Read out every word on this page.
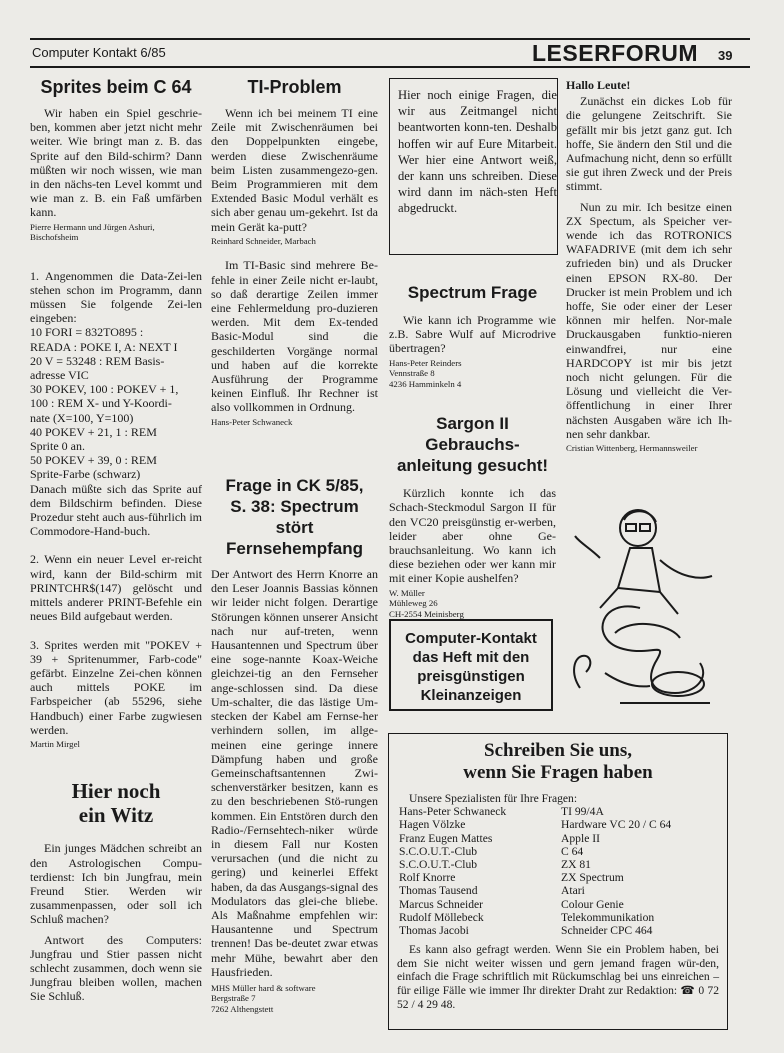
Computer Kontakt 6/85	LESERFORUM 39
Sprites beim C 64

Wir haben ein Spiel geschrie-ben, kommen aber jetzt nicht mehr weiter. Wie bringt man z. B. das Sprite auf den Bild-schirm? Dann müßten wir noch wissen, wie man in den nächs-ten Level kommt und wie man z. B. ein Faß umfärben kann.

Pierre Hermann und Jürgen Ashuri,
Bischofsheim

1. Angenommen die Data-Zei-len stehen schon im Programm, dann müssen Sie folgende Zei-len eingeben:

10 FORI = 832TO895 :
READA : POKE I, A: NEXT I
20 V = 53248 : REM Basis-
adresse VIC
30 POKEV, 100 : POKEV + 1,
100 : REM X- und Y-Koordi-
nate (X=100, Y=100)
40 POKEV + 21, 1 : REM
Sprite 0 an.
50 POKEV + 39, 0 : REM
Sprite-Farbe (schwarz)

Danach müßte sich das Sprite auf dem Bildschirm befinden. Diese Prozedur steht auch aus-führlich im Commodore-Hand-buch.

2. Wenn ein neuer Level er-reicht wird, kann der Bild-schirm mit PRINTCHR$(147) gelöscht und mittels anderer PRINT-Befehle ein neues Bild aufgebaut werden.

3. Sprites werden mit "POKEV + 39 + Spritenummer, Farb-code" gefärbt. Einzelne Zei-chen können auch mittels POKE im Farbspeicher (ab 55296, siehe Handbuch) einer Farbe zugwiesen werden.

Martin Mirgel
Hier noch
ein Witz

Ein junges Mädchen schreibt an den Astrologischen Compu-terdienst: Ich bin Jungfrau, mein Freund Stier. Werden wir zusammenpassen, oder soll ich Schluß machen?

Antwort des Computers: Jungfrau und Stier passen nicht schlecht zusammen, doch wenn sie Jungfrau bleiben wollen, machen Sie Schluß.

TI-Problem

Wenn ich bei meinem TI eine Zeile mit Zwischenräumen bei den Doppelpunkten eingebe, werden diese Zwischenräume beim Listen zusammengezo-gen. Beim Programmieren mit dem Extended Basic Modul verhält es sich aber genau um-gekehrt. Ist da mein Gerät ka-putt?

Reinhard Schneider, Marbach

Im TI-Basic sind mehrere Be-fehle in einer Zeile nicht er-laubt, so daß derartige Zeilen immer eine Fehlermeldung pro-duzieren werden. Mit dem Ex-tended Basic-Modul sind die geschilderten Vorgänge normal und haben auf die korrekte Ausführung der Programme keinen Einfluß. Ihr Rechner ist also vollkommen in Ordnung.

Hans-Peter Schwaneck
Frage in CK 5/85,
S. 38: Spectrum stört
Fernsehempfang

Der Antwort des Herrn Knorre an den Leser Joannis Bassias können wir leider nicht folgen. Derartige Störungen können unserer Ansicht nach nur auf-treten, wenn Hausantennen und Spectrum über eine soge-nannte Koax-Weiche gleichzei-tig an den Fernseher ange-schlossen sind. Da diese Um-schalter, die das lästige Um-stecken der Kabel am Fernse-her verhindern sollen, im allge-meinen eine geringe innere Dämpfung haben und große Gemeinschaftsantennen Zwi-schenverstärker besitzen, kann es zu den beschriebenen Stö-rungen kommen. Ein Entstören durch den Radio-/Fernsehtech-niker würde in diesem Fall nur Kosten verursachen (und die nicht zu gering) und keinerlei Effekt haben, da das Ausgangs-signal des Modulators das glei-che bliebe. Als Maßnahme empfehlen wir: Hausantenne und Spectrum trennen! Das be-deutet zwar etwas mehr Mühe, bewahrt aber den Hausfrieden.

MHS Müller hard & software
Bergstraße 7
7262 Althengstett

Hier noch einige Fragen, die wir aus Zeitmangel nicht beantworten konn-ten. Deshalb hoffen wir auf Eure Mitarbeit. Wer hier eine Antwort weiß, der kann uns schreiben. Diese wird dann im näch-sten Heft abgedruckt.

Spectrum Frage

Wie kann ich Programme wie z.B. Sabre Wulf auf Microdrive übertragen?

Hans-Peter Reinders
Vennstraße 8
4236 Hamminkeln 4
Sargon II Gebrauchs-
anleitung gesucht!

Kürzlich konnte ich das Schach-Steckmodul Sargon II für den VC20 preisgünstig er-werben, leider aber ohne Ge-brauchsanleitung. Wo kann ich diese beziehen oder wer kann mir mit einer Kopie aushelfen?

W. Müller
Mühleweg 26
CH-2554 Meinisberg
Computer-Kontakt
das Heft mit den
preisgünstigen
Kleinanzeigen
Hallo Leute!

Zunächst ein dickes Lob für die gelungene Zeitschrift. Sie gefällt mir bis jetzt ganz gut. Ich hoffe, Sie ändern den Stil und die Aufmachung nicht, denn so erfüllt sie gut ihren Zweck und der Preis stimmt.

Nun zu mir. Ich besitze einen ZX Spectum, als Speicher ver-wende ich das ROTRONICS WAFADRIVE (mit dem ich sehr zufrieden bin) und als Drucker einen EPSON RX-80. Der Drucker ist mein Problem und ich hoffe, Sie oder einer der Leser können mir helfen. Nor-male Druckausgaben funktio-nieren einwandfrei, nur eine HARDCOPY ist mir bis jetzt noch nicht gelungen. Für die Lösung und vielleicht die Ver-öffentlichung in einer Ihrer nächsten Ausgaben wäre ich Ih-nen sehr dankbar.

Cristian Wittenberg, Hermannsweiler
Schreiben Sie uns,
wenn Sie Fragen haben
Unsere Spezialisten für Ihre Fragen:
Hans-Peter Schwaneck	TI 99/4A
Hagen Völzke	Hardware VC 20 / C 64
Franz Eugen Mattes	Apple II
S.C.O.U.T.-Club	C 64
S.C.O.U.T.-Club	ZX 81
Rolf Knorre	ZX Spectrum
Thomas Tausend	Atari
Marcus Schneider	Colour Genie
Rudolf Möllebeck	Telekommunikation
Thomas Jacobi	Schneider CPC 464

Es kann also gefragt werden. Wenn Sie ein Problem haben, bei dem Sie nicht weiter wissen und gern jemand fragen wür-den, einfach die Frage schriftlich mit Rückumschlag bei uns einreichen – für eilige Fälle wie immer Ihr direkter Draht zur Redaktion: ☎ 0 72 52 / 4 29 48.
